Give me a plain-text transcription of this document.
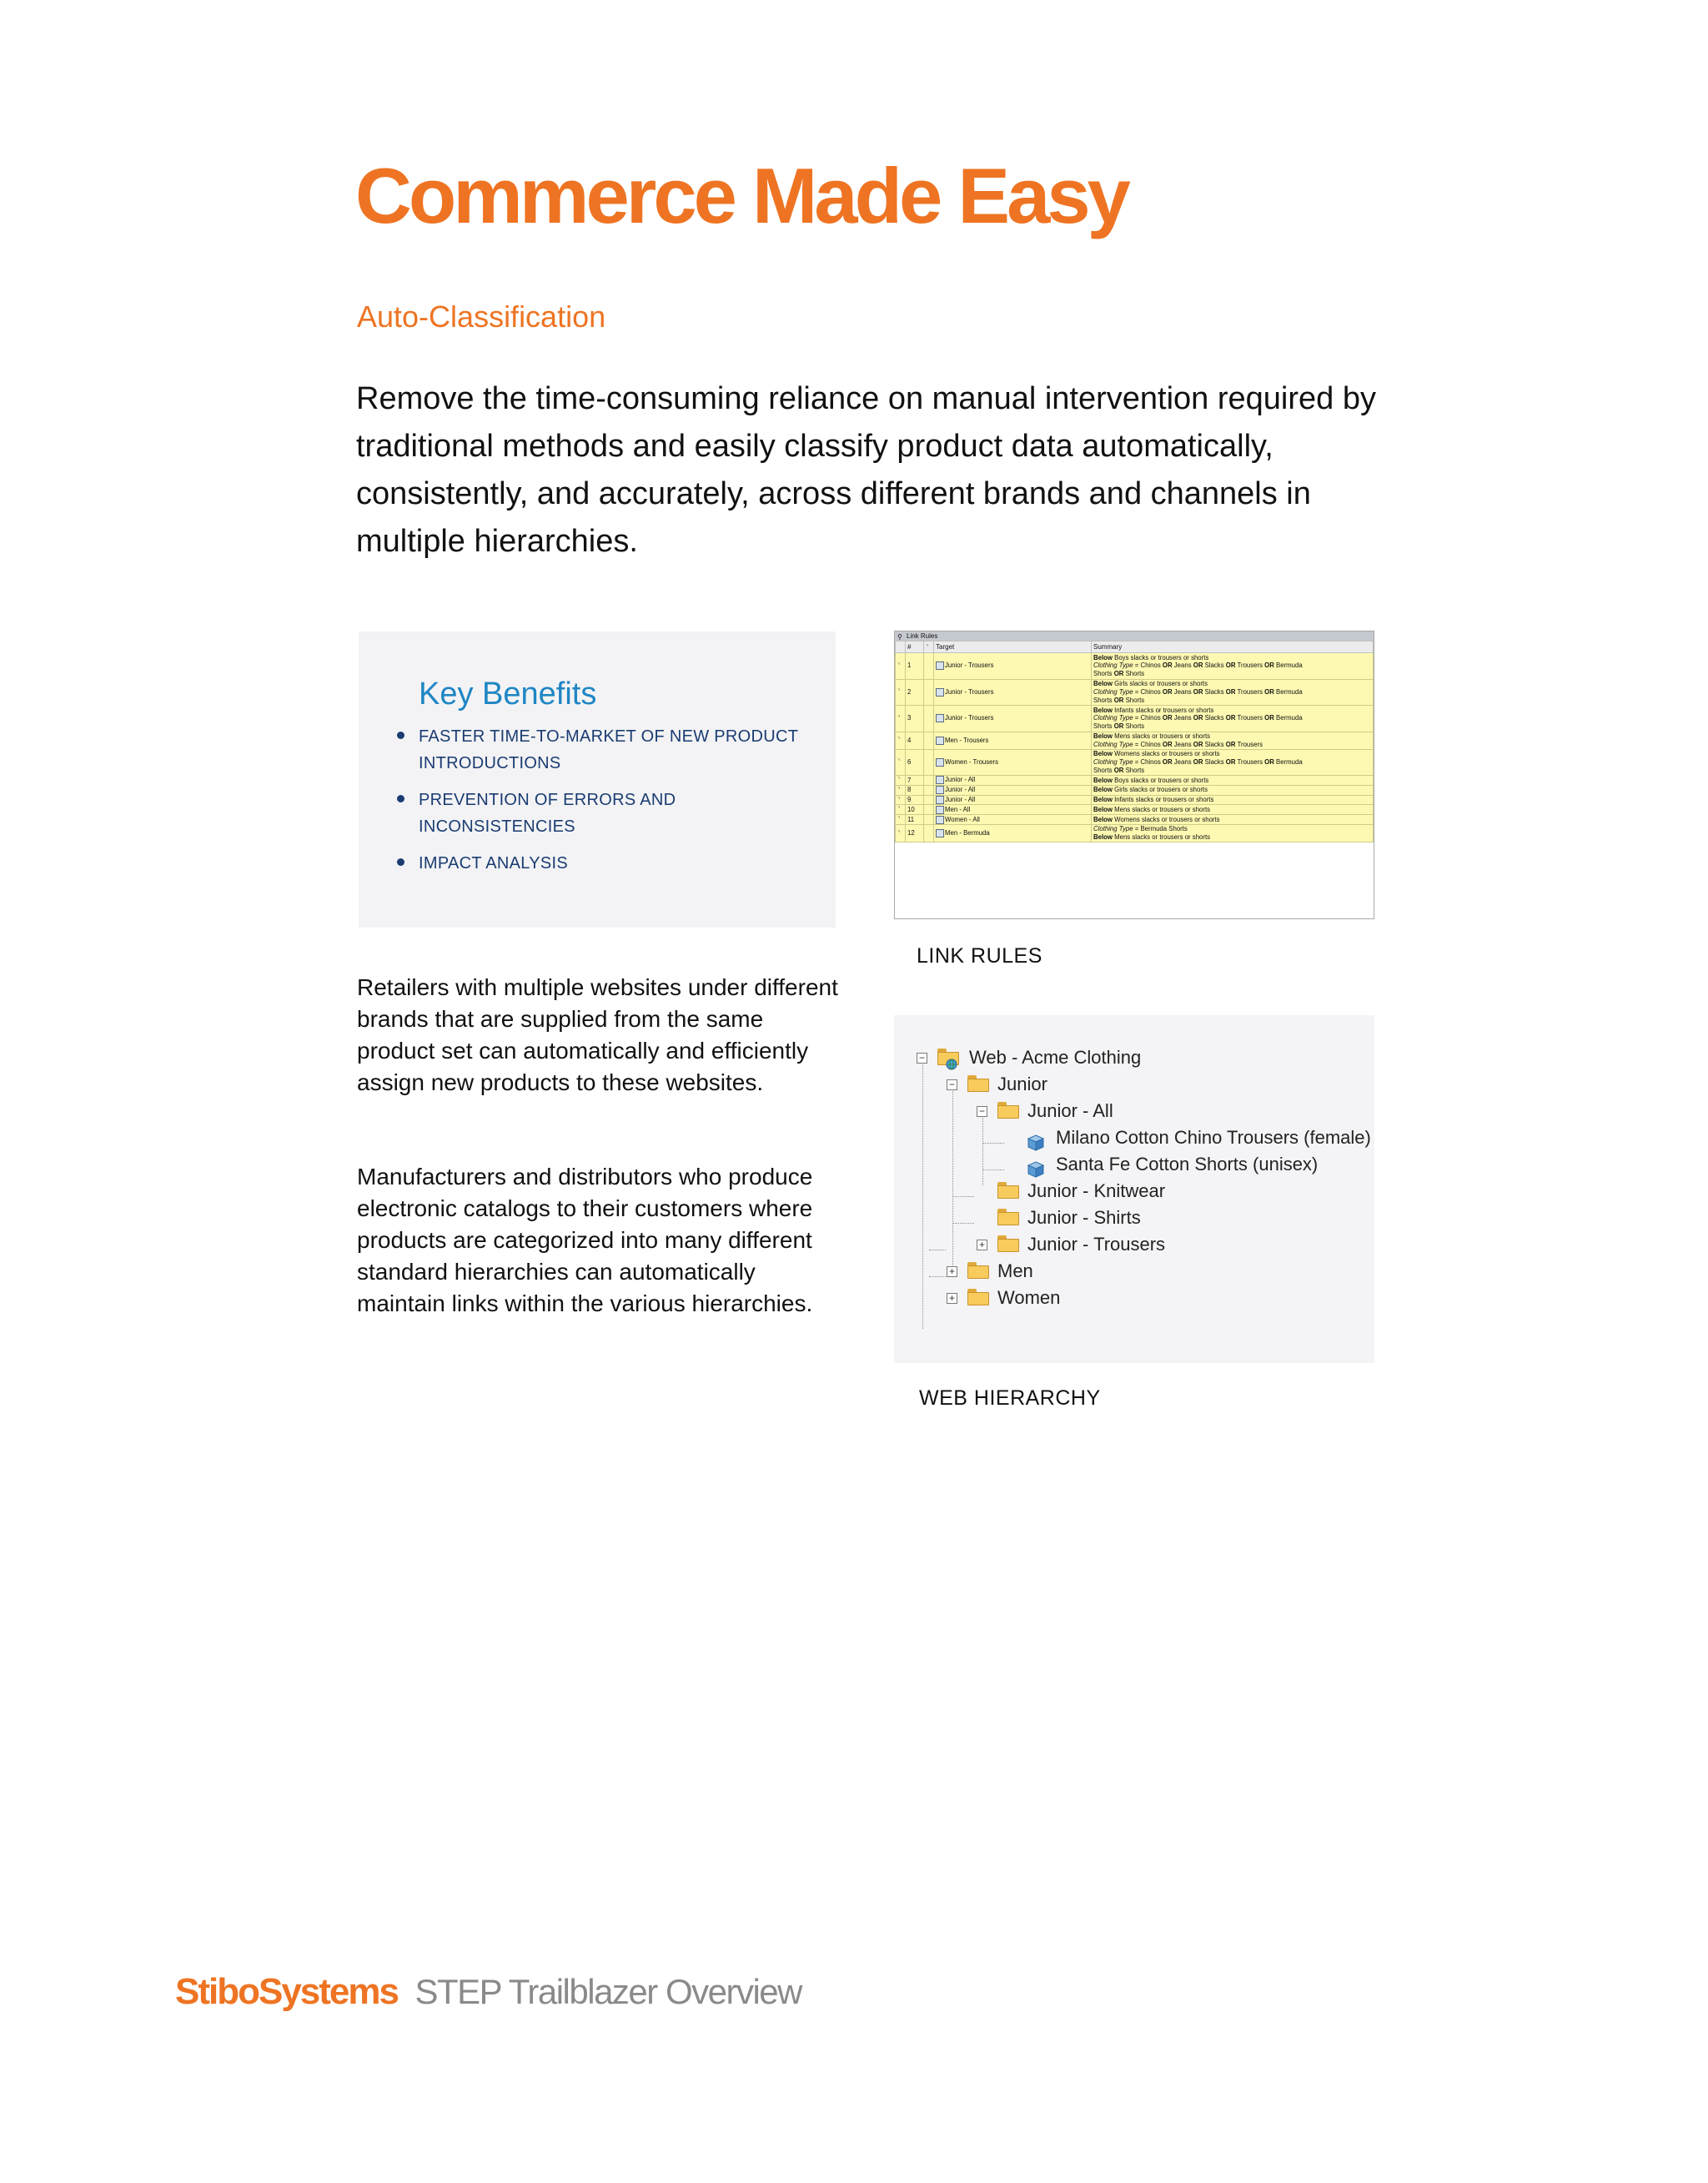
Commerce Made Easy
Auto-Classification

Remove the time-consuming reliance on manual intervention required by traditional methods and easily classify product data automatically, consistently, and accurately, across different brands and channels in multiple hierarchies.

Key Benefits
FASTER TIME-TO-MARKET OF NEW PRODUCT INTRODUCTIONS
PREVENTION OF ERRORS AND INCONSISTENCIES
IMPACT ANALYSIS

Retailers with multiple websites under different brands that are supplied from the same product set can automatically and efficiently assign new products to these websites.

Manufacturers and distributors who produce electronic catalogs to their customers where products are categorized into many different standard hierarchies can automatically maintain links within the various hierarchies.

⚲ Link Rules
	#	⌝	Target	Summary
⌝	1		Junior - Trousers	Below Boys slacks or trousers or shorts
Clothing Type = Chinos OR Jeans OR Slacks OR Trousers OR Bermuda
Shorts OR Shorts

⌝	2		Junior - Trousers	Below Girls slacks or trousers or shorts
Clothing Type = Chinos OR Jeans OR Slacks OR Trousers OR Bermuda
Shorts OR Shorts

⌝	3		Junior - Trousers	Below Infants slacks or trousers or shorts
Clothing Type = Chinos OR Jeans OR Slacks OR Trousers OR Bermuda
Shorts OR Shorts

⌝	4		Men - Trousers	Below Mens slacks or trousers or shorts
Clothing Type = Chinos OR Jeans OR Slacks OR Trousers

⌝	6		Women - Trousers	Below Womens slacks or trousers or shorts
Clothing Type = Chinos OR Jeans OR Slacks OR Trousers OR Bermuda
Shorts OR Shorts

⌝	7		Junior - All	Below Boys slacks or trousers or shorts

⌝	8		Junior - All	Below Girls slacks or trousers or shorts

⌝	9		Junior - All	Below Infants slacks or trousers or shorts

⌝	10		Men - All	Below Mens slacks or trousers or shorts

⌝	11		Women - All	Below Womens slacks or trousers or shorts

⌝	12		Men - Bermuda	Clothing Type = Bermuda Shorts
Below Mens slacks or trousers or shorts

LINK RULES

− Web - Acme Clothing
− Junior
− Junior - All
Milano Cotton Chino Trousers (female)
Santa Fe Cotton Shorts (unisex)
Junior - Knitwear
Junior - Shirts
+ Junior - Trousers
+ Men
+ Women

WEB HIERARCHY

StiboSystems STEP Trailblazer Overview
